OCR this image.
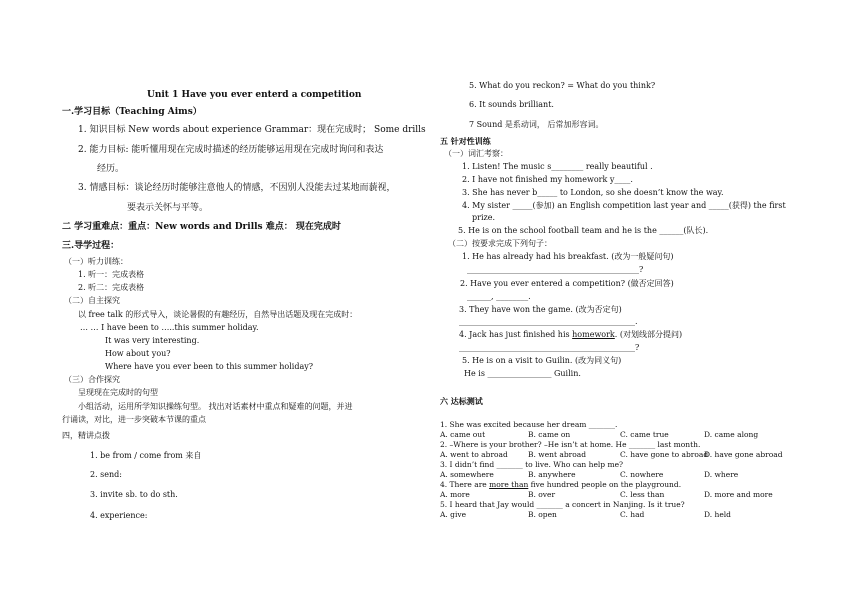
Unit 1 Have you ever enterd a competition
一.学习目标（Teaching Aims）
1. 知识目标 New words about experience Grammar：现在完成时； Some drills
2. 能力目标: 能听懂用现在完成时描述的经历能够运用现在完成时询问和表达
经历。
3. 情感目标：谈论经历时能够注意他人的情感，不因别人没能去过某地而藐视，
要表示关怀与平等。
二 学习重难点：重点：New words and Drills 难点： 现在完成时
三.导学过程：
（一）听力训练：
1. 听一：完成表格
2. 听二：完成表格
（二）自主探究
以 free talk 的形式导入，谈论暑假的有趣经历，自然导出话题及现在完成时：
… … I have been to …..this summer holiday.
It was very interesting.
How about you?
Where have you ever been to this summer holiday?
（三）合作探究
呈现现在完成时的句型
小组活动，运用所学知识操练句型。 找出对话素材中重点和疑难的问题，并进
行诵读，对比，进一步突破本节课的重点
四，精讲点拨
1. be from / come from 来自
2. send:
3. invite sb. to do sth.
4. experience:
5. What do you reckon? = What do you think?
6. It sounds brilliant.
7 Sound 是系动词， 后常加形容词。
五 针对性训练
（一）词汇考察：
1. Listen! The music s________ really beautiful .
2. I have not finished my homework y____.
3. She has never b_____ to London, so she doesn’t know the way.
4. My sister _____(参加) an English competition last year and _____(获得) the first
prize.
5. He is on the school football team and he is the ______(队长).
（二）按要求完成下列句子：
1. He has already had his breakfast. (改为一般疑问句)
___________________________________________?
2. Have you ever entered a competition? (做否定回答)
______, ________.
3. They have won the game. (改为否定句)
____________________________________________.
4. Jack has just finished his homework. (对划线部分提问)
____________________________________________?
5. He is on a visit to Guilin. (改为同义句)
He is ________________ Guilin.
六 达标测试
1. She was excited because her dream _______.
A. came out	B. came on	C. came true	D. came along
2. –Where is your brother? –He isn’t at home. He _______ last month.
A. went to abroad	B. went abroad	C. have gone to abroad
D. have gone abroad
3. I didn’t find _______ to live. Who can help me?
A. somewhere	B. anywhere	C. nowhere	D. where
4. There are more than five hundred people on the playground.
A. more	B. over	C. less than	D. more and more
5. I heard that Jay would _______ a concert in Nanjing. Is it true?
A. give	B. open	C. had	D. held
